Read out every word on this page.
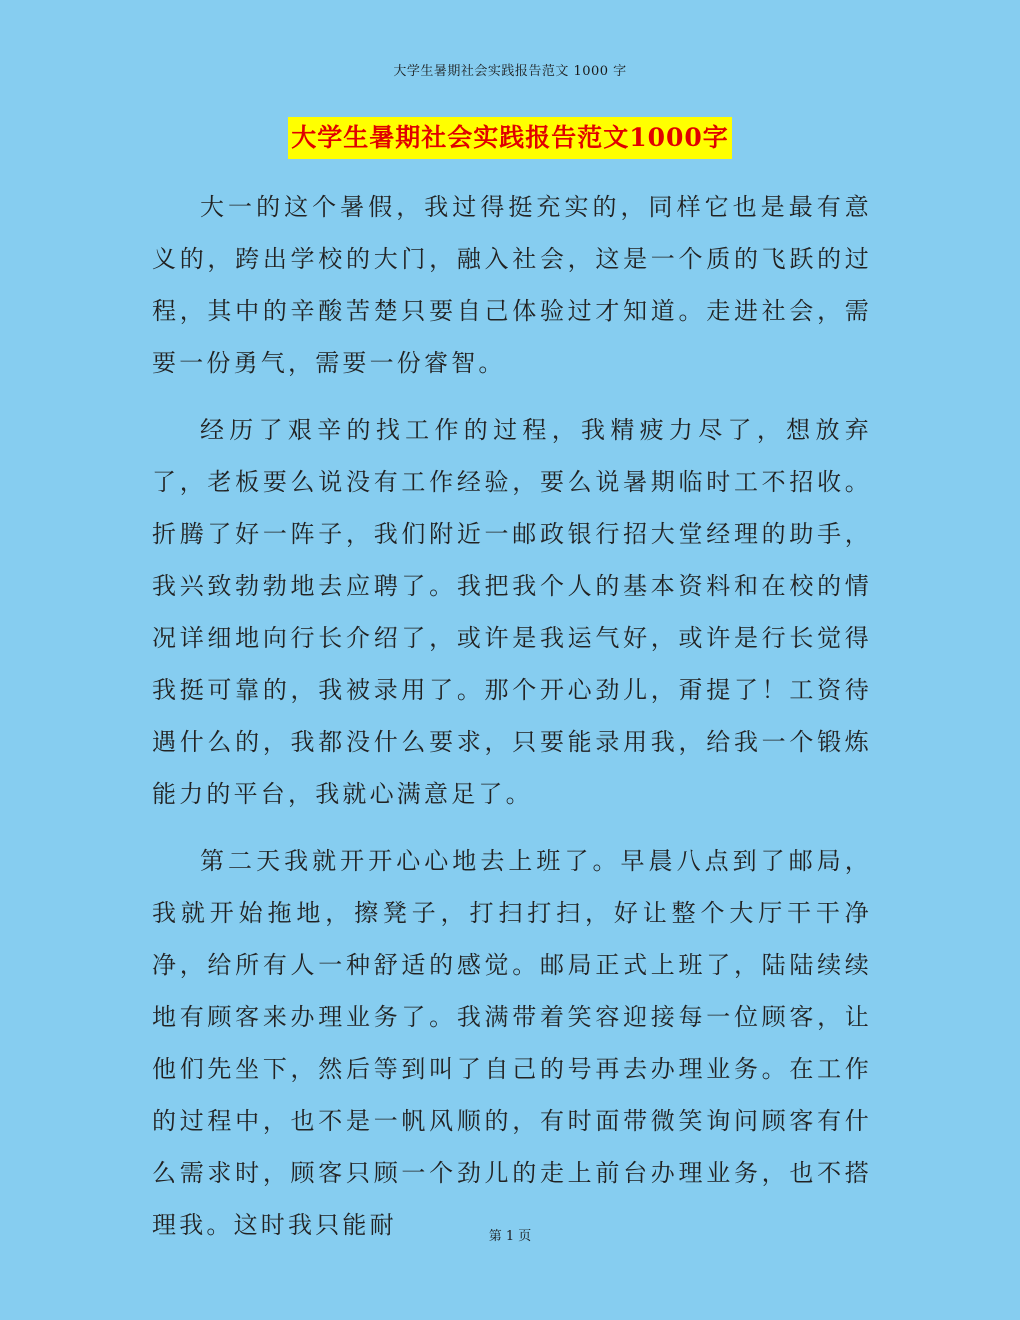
大学生暑期社会实践报告范文 1000 字
大学生暑期社会实践报告范文1000字

大一的这个暑假，我过得挺充实的，同样它也是最有意义的，跨出学校的大门，融入社会，这是一个质的飞跃的过程，其中的辛酸苦楚只要自己体验过才知道。走进社会，需要一份勇气，需要一份睿智。

经历了艰辛的找工作的过程，我精疲力尽了，想放弃了，老板要么说没有工作经验，要么说暑期临时工不招收。折腾了好一阵子，我们附近一邮政银行招大堂经理的助手，我兴致勃勃地去应聘了。我把我个人的基本资料和在校的情况详细地向行长介绍了，或许是我运气好，或许是行长觉得我挺可靠的，我被录用了。那个开心劲儿，甭提了！工资待遇什么的，我都没什么要求，只要能录用我，给我一个锻炼能力的平台，我就心满意足了。

第二天我就开开心心地去上班了。早晨八点到了邮局，我就开始拖地，擦凳子，打扫打扫，好让整个大厅干干净净，给所有人一种舒适的感觉。邮局正式上班了，陆陆续续地有顾客来办理业务了。我满带着笑容迎接每一位顾客，让他们先坐下，然后等到叫了自己的号再去办理业务。在工作的过程中，也不是一帆风顺的，有时面带微笑询问顾客有什么需求时，顾客只顾一个劲儿的走上前台办理业务，也不搭理我。这时我只能耐	第 1 页
